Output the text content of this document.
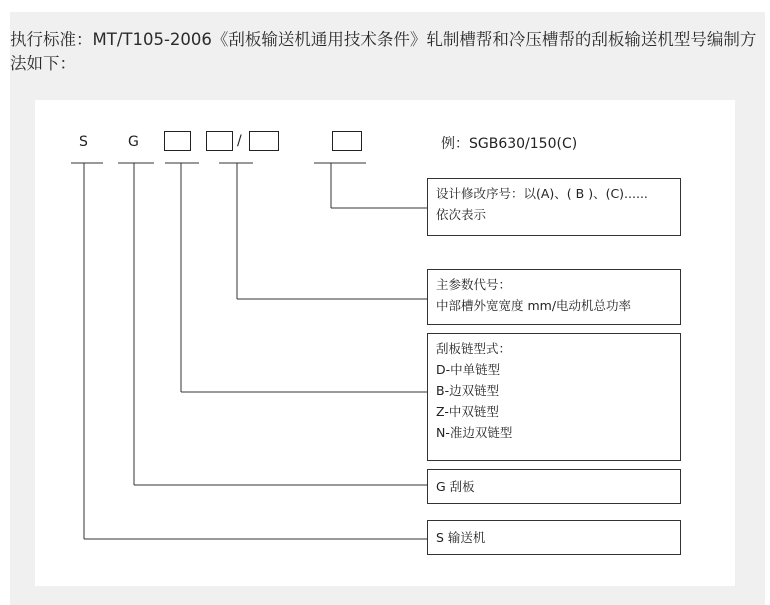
执行标准：MT/T105-2006《刮板输送机通用技术条件》轧制槽帮和冷压槽帮的刮板输送机型号编制方法如下：
S	G	/	例：SGB630/150(C)
设计修改序号：以(A)、( B )、(C)......
依次表示
主参数代号：
中部槽外宽宽度 mm/电动机总功率
刮板链型式：
D-中单链型
B-边双链型
Z-中双链型
N-准边双链型
G 刮板
S 输送机
